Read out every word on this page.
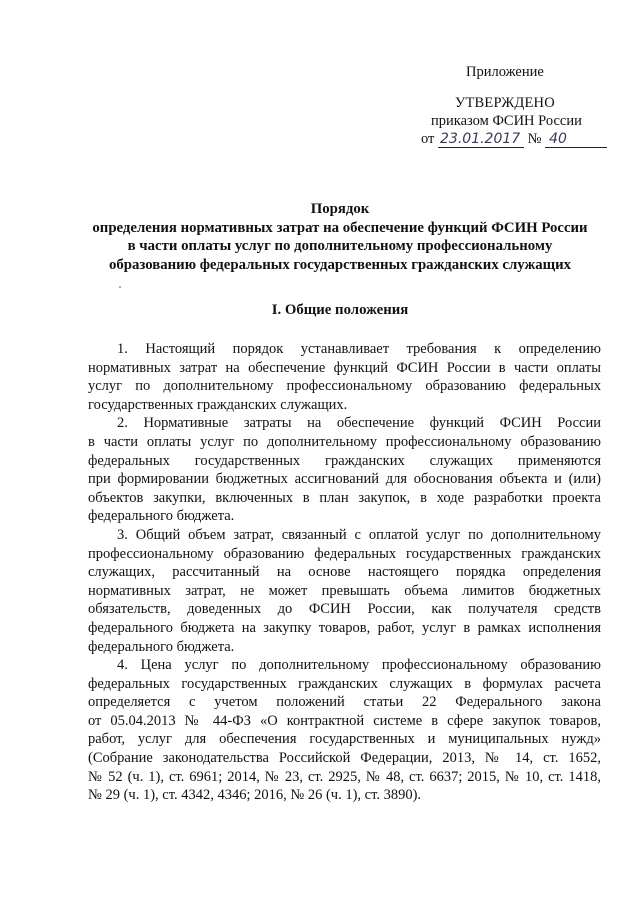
Приложение
УТВЕРЖДЕНО
приказом ФСИН России
от 23.01.2017 № 40
Порядок
определения нормативных затрат на обеспечение функций ФСИН России
в части оплаты услуг по дополнительному профессиональному
образованию федеральных государственных гражданских служащих
I. Общие положения
1. Настоящий порядок устанавливает требования к определению
нормативных затрат на обеспечение функций ФСИН России в части оплаты
услуг по дополнительному профессиональному образованию федеральных
государственных гражданских служащих.
2. Нормативные затраты на обеспечение функций ФСИН России
в части оплаты услуг по дополнительному профессиональному образованию
федеральных государственных гражданских служащих применяются
при формировании бюджетных ассигнований для обоснования объекта и (или)
объектов закупки, включенных в план закупок, в ходе разработки проекта
федерального бюджета.
3. Общий объем затрат, связанный с оплатой услуг по дополнительному
профессиональному образованию федеральных государственных гражданских
служащих, рассчитанный на основе настоящего порядка определения
нормативных затрат, не может превышать объема лимитов бюджетных
обязательств, доведенных до ФСИН России, как получателя средств
федерального бюджета на закупку товаров, работ, услуг в рамках исполнения
федерального бюджета.
4. Цена услуг по дополнительному профессиональному образованию
федеральных государственных гражданских служащих в формулах расчета
определяется с учетом положений статьи 22 Федерального закона
от 05.04.2013 № 44-ФЗ «О контрактной системе в сфере закупок товаров,
работ, услуг для обеспечения государственных и муниципальных нужд»
(Собрание законодательства Российской Федерации, 2013, № 14, ст. 1652,
№ 52 (ч. 1), ст. 6961; 2014, № 23, ст. 2925, № 48, ст. 6637; 2015, № 10, ст. 1418,
№ 29 (ч. 1), ст. 4342, 4346; 2016, № 26 (ч. 1), ст. 3890).
